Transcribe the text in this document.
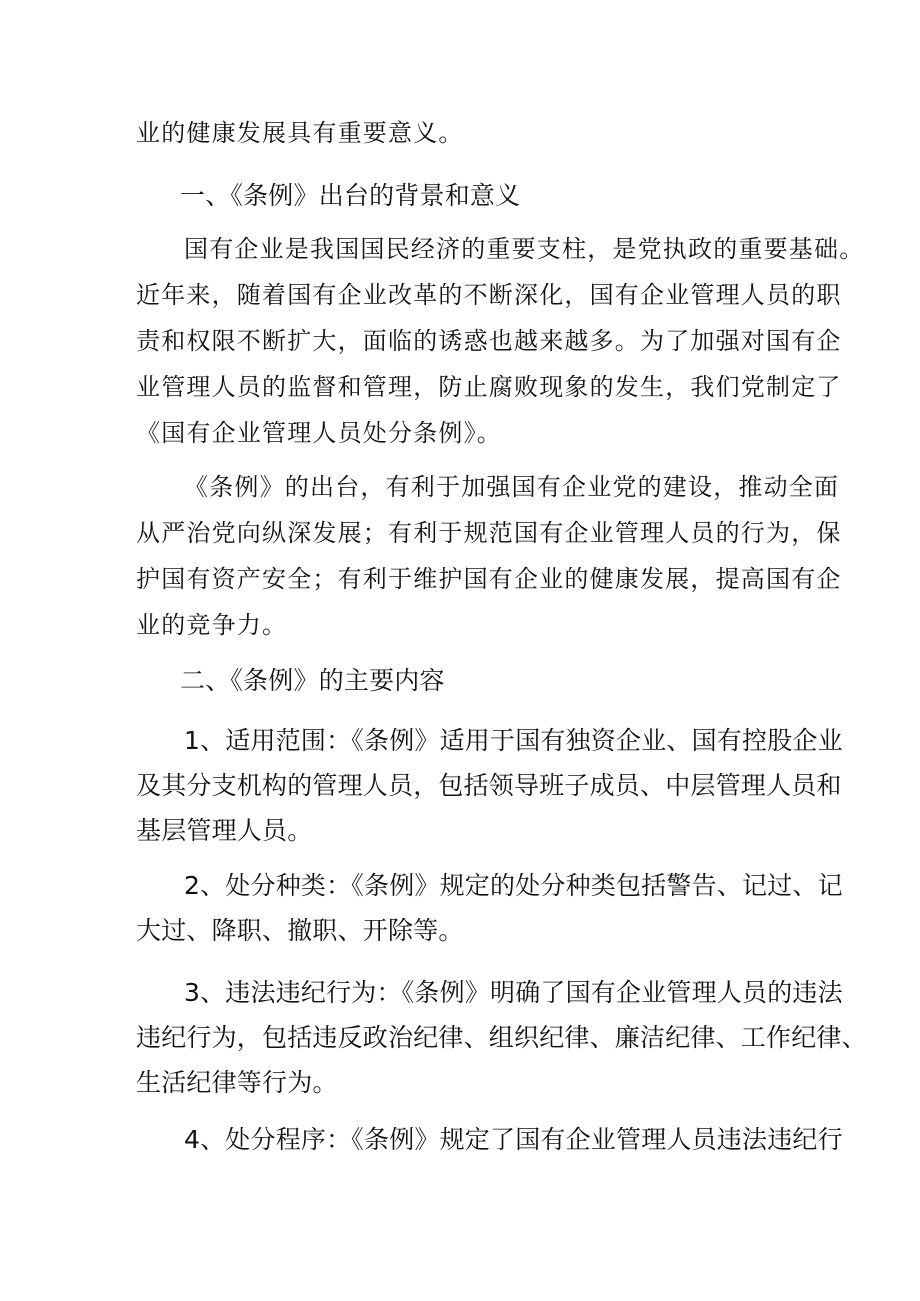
业的健康发展具有重要意义。

一、《条例》出台的背景和意义

国有企业是我国国民经济的重要支柱，是党执政的重要基础。

近年来，随着国有企业改革的不断深化，国有企业管理人员的职

责和权限不断扩大，面临的诱惑也越来越多。为了加强对国有企

业管理人员的监督和管理，防止腐败现象的发生，我们党制定了

《国有企业管理人员处分条例》。

《条例》的出台，有利于加强国有企业党的建设，推动全面

从严治党向纵深发展；有利于规范国有企业管理人员的行为，保

护国有资产安全；有利于维护国有企业的健康发展，提高国有企

业的竞争力。

二、《条例》的主要内容

1、适用范围：《条例》适用于国有独资企业、国有控股企业

及其分支机构的管理人员，包括领导班子成员、中层管理人员和

基层管理人员。

2、处分种类：《条例》规定的处分种类包括警告、记过、记

大过、降职、撤职、开除等。

3、违法违纪行为：《条例》明确了国有企业管理人员的违法

违纪行为，包括违反政治纪律、组织纪律、廉洁纪律、工作纪律、

生活纪律等行为。

4、处分程序：《条例》规定了国有企业管理人员违法违纪行
